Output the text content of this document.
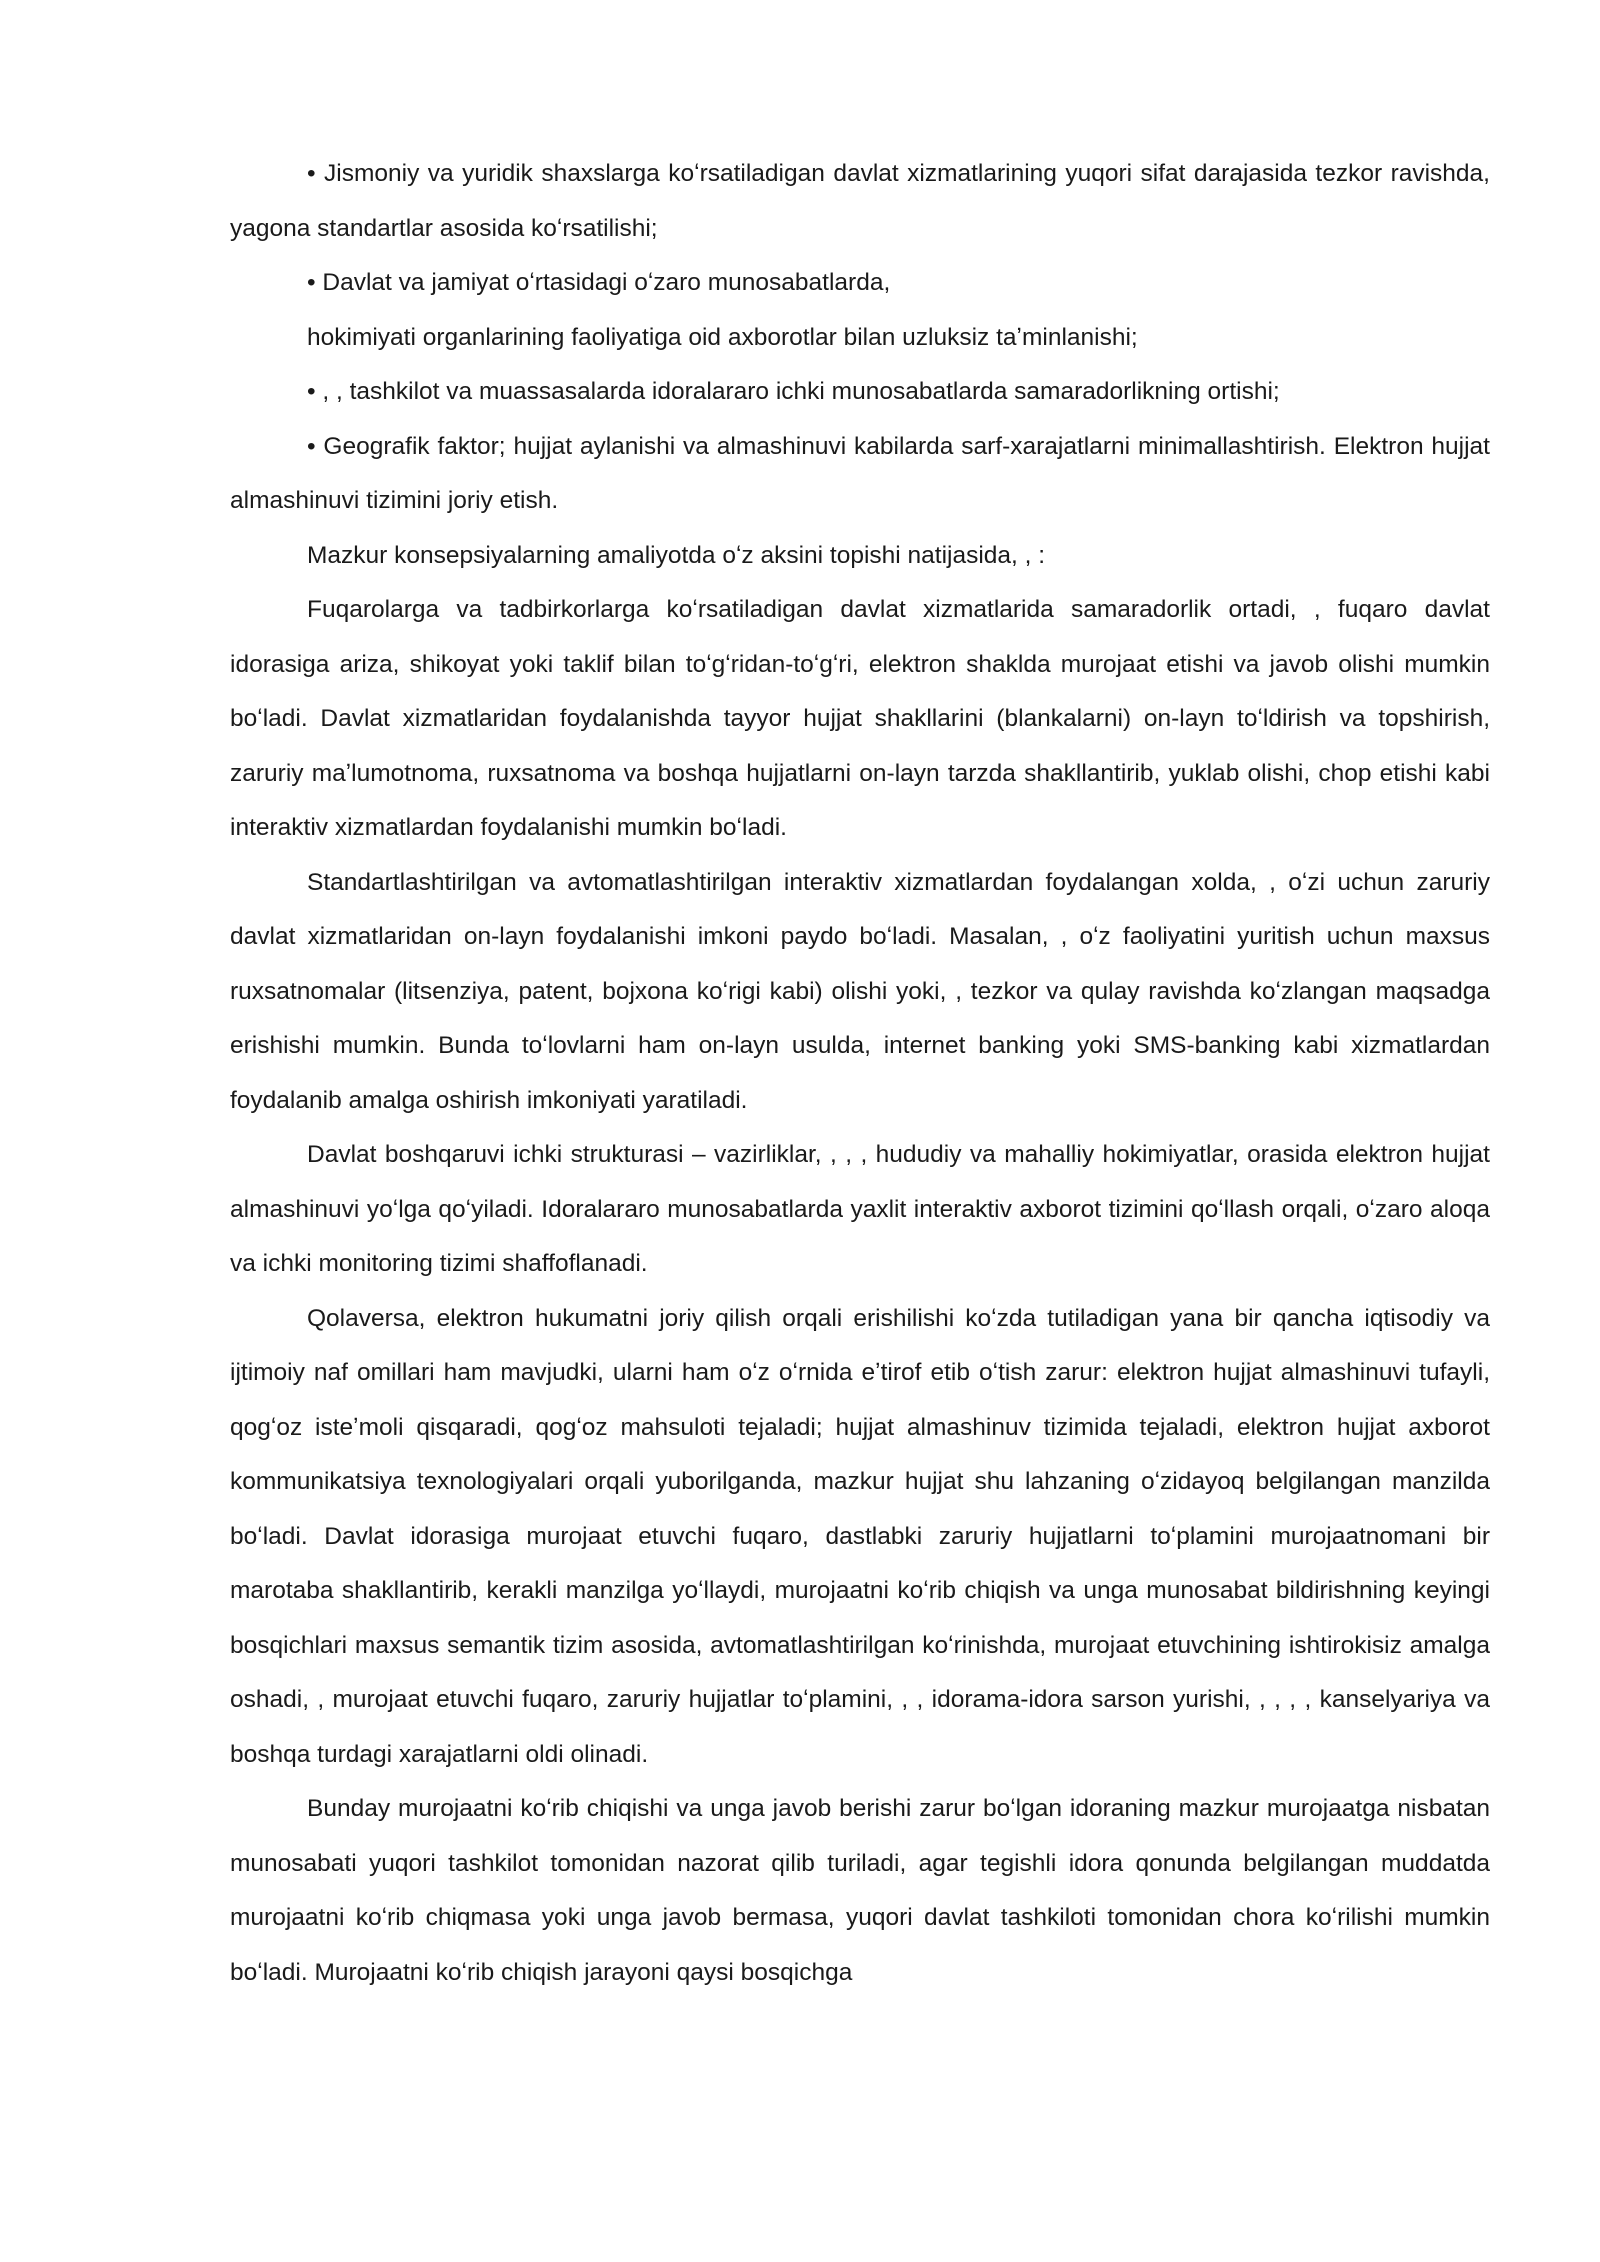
• Jismoniy va yuridik shaxslarga koʻrsatiladigan davlat xizmatlarining yuqori sifat darajasida tezkor ravishda, yagona standartlar asosida koʻrsatilishi;

• Davlat va jamiyat oʻrtasidagi oʻzaro munosabatlarda,

hokimiyati organlarining faoliyatiga oid axborotlar bilan uzluksiz taʼminlanishi;

• , , tashkilot va muassasalarda idoralararo ichki munosabatlarda samaradorlikning ortishi;

• Geografik faktor; hujjat aylanishi va almashinuvi kabilarda sarf-xarajatlarni minimallashtirish. Elektron hujjat almashinuvi tizimini joriy etish.

Mazkur konsepsiyalarning amaliyotda oʻz aksini topishi natijasida, , :

Fuqarolarga va tadbirkorlarga koʻrsatiladigan davlat xizmatlarida samaradorlik ortadi, , fuqaro davlat idorasiga ariza, shikoyat yoki taklif bilan toʻgʻridan-toʻgʻri, elektron shaklda murojaat etishi va javob olishi mumkin boʻladi. Davlat xizmatlaridan foydalanishda tayyor hujjat shakllarini (blankalarni) on-layn toʻldirish va topshirish, zaruriy maʼlumotnoma, ruxsatnoma va boshqa hujjatlarni on-layn tarzda shakllantirib, yuklab olishi, chop etishi kabi interaktiv xizmatlardan foydalanishi mumkin boʻladi.

Standartlashtirilgan va avtomatlashtirilgan interaktiv xizmatlardan foydalangan xolda, , oʻzi uchun zaruriy davlat xizmatlaridan on-layn foydalanishi imkoni paydo boʻladi. Masalan, , oʻz faoliyatini yuritish uchun maxsus ruxsatnomalar (litsenziya, patent, bojxona koʻrigi kabi) olishi yoki, , tezkor va qulay ravishda koʻzlangan maqsadga erishishi mumkin. Bunda toʻlovlarni ham on-layn usulda, internet banking yoki SMS-banking kabi xizmatlardan foydalanib amalga oshirish imkoniyati yaratiladi.

Davlat boshqaruvi ichki strukturasi – vazirliklar, , , , hududiy va mahalliy hokimiyatlar, orasida elektron hujjat almashinuvi yoʻlga qoʻyiladi. Idoralararo munosabatlarda yaxlit interaktiv axborot tizimini qoʻllash orqali, oʻzaro aloqa va ichki monitoring tizimi shaffoflanadi.

Qolaversa, elektron hukumatni joriy qilish orqali erishilishi koʻzda tutiladigan yana bir qancha iqtisodiy va ijtimoiy naf omillari ham mavjudki, ularni ham oʻz oʻrnida eʼtirof etib oʻtish zarur: elektron hujjat almashinuvi tufayli, qogʻoz isteʼmoli qisqaradi, qogʻoz mahsuloti tejaladi; hujjat almashinuv tizimida tejaladi, elektron hujjat axborot kommunikatsiya texnologiyalari orqali yuborilganda, mazkur hujjat shu lahzaning oʻzidayoq belgilangan manzilda boʻladi. Davlat idorasiga murojaat etuvchi fuqaro, dastlabki zaruriy hujjatlarni toʻplamini murojaatnomani bir marotaba shakllantirib, kerakli manzilga yoʻllaydi, murojaatni koʻrib chiqish va unga munosabat bildirishning keyingi bosqichlari maxsus semantik tizim asosida, avtomatlashtirilgan koʻrinishda, murojaat etuvchining ishtirokisiz amalga oshadi, , murojaat etuvchi fuqaro, zaruriy hujjatlar toʻplamini, , , idorama-idora sarson yurishi, , , , , kanselyariya va boshqa turdagi xarajatlarni oldi olinadi.

Bunday murojaatni koʻrib chiqishi va unga javob berishi zarur boʻlgan idoraning mazkur murojaatga nisbatan munosabati yuqori tashkilot tomonidan nazorat qilib turiladi, agar tegishli idora qonunda belgilangan muddatda murojaatni koʻrib chiqmasa yoki unga javob bermasa, yuqori davlat tashkiloti tomonidan chora koʻrilishi mumkin boʻladi. Murojaatni koʻrib chiqish jarayoni qaysi bosqichga
